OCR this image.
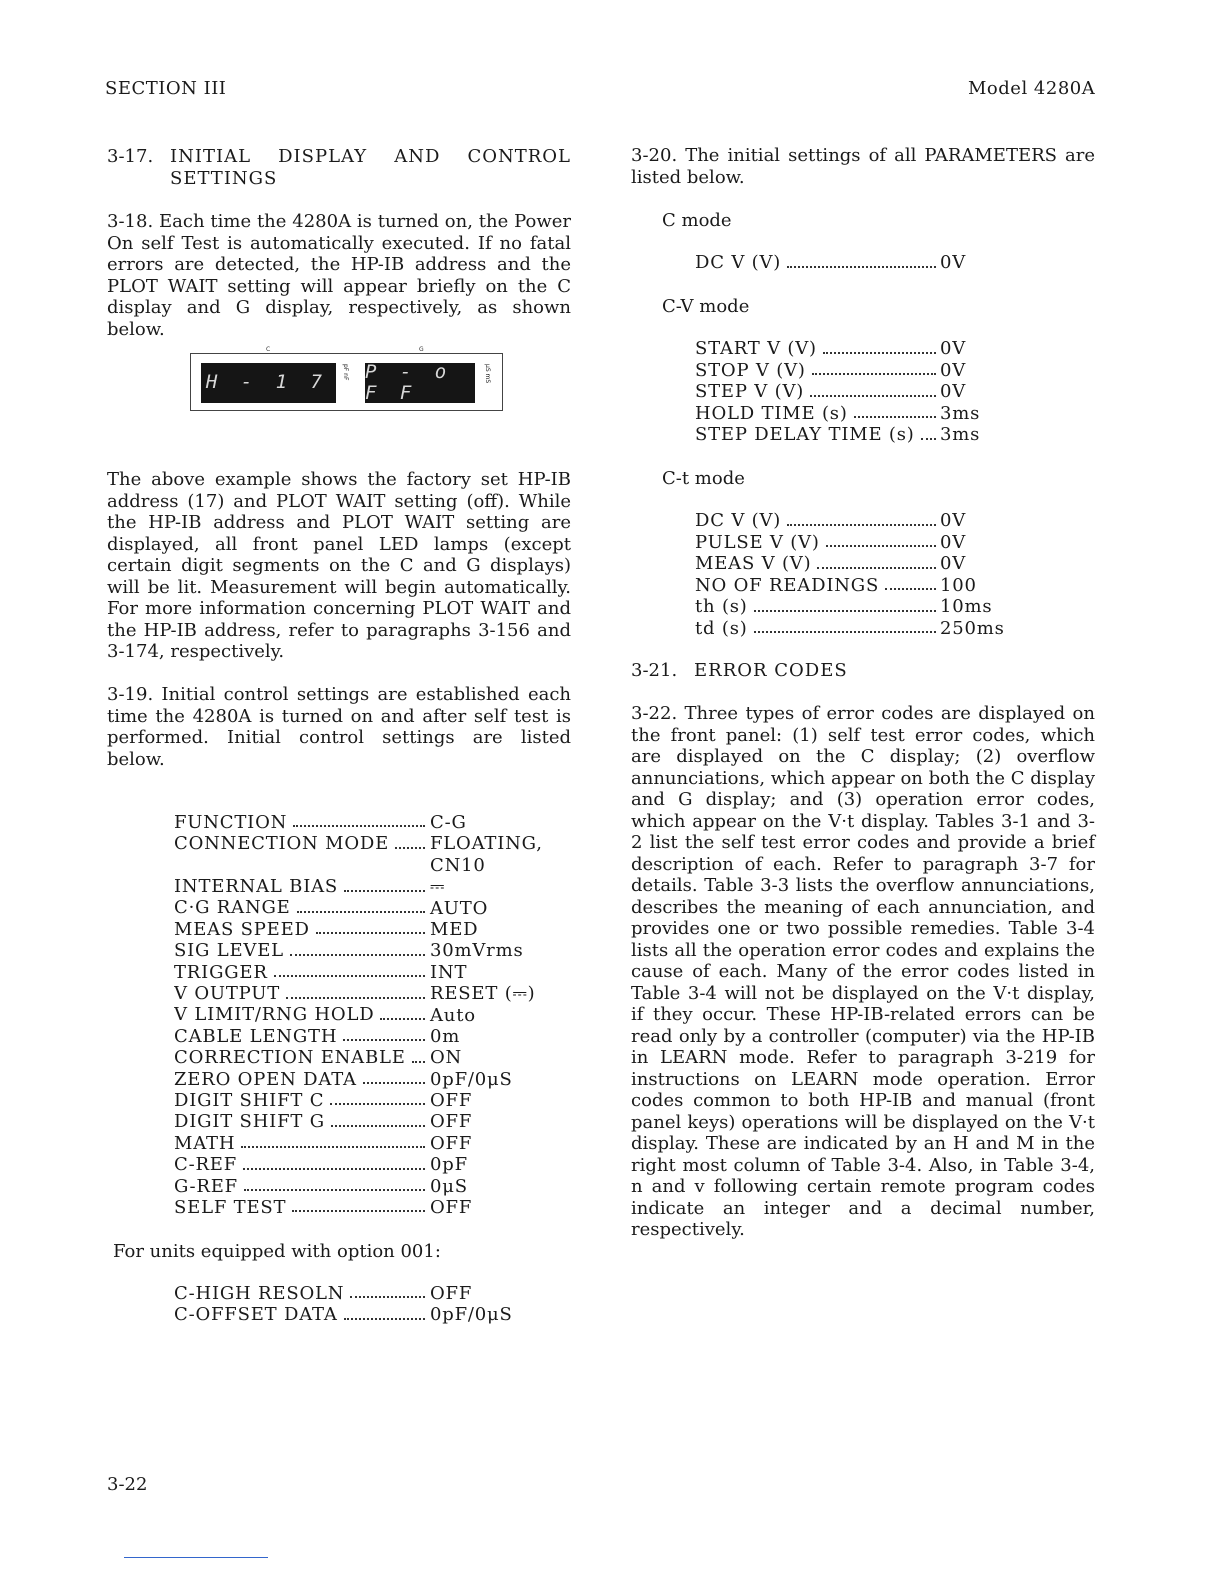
SECTION III	Model 4280A
3-17. INITIAL DISPLAY AND CONTROL SETTINGS

3-18. Each time the 4280A is turned on, the Power On self Test is automatically executed. If no fatal errors are detected, the HP-IB address and the PLOT WAIT setting will appear briefly on the C display and G display, respectively, as shown below.

C	G
H - 1 7	pF nF P - o F F
μS mS

The above example shows the factory set HP-IB address (17) and PLOT WAIT setting (off). While the HP-IB address and PLOT WAIT setting are displayed, all front panel LED lamps (except certain digit segments on the C and G displays) will be lit. Measurement will begin automatically. For more information concerning PLOT WAIT and the HP-IB address, refer to paragraphs 3-156 and 3-174, respectively.

3-19. Initial control settings are established each time the 4280A is turned on and after self test is performed. Initial control settings are listed below.

FUNCTION	C-G
CONNECTION MODE FLOATING,
CN10
INTERNAL BIAS	⎓
C·G RANGE	AUTO
MEAS SPEED	MED
SIG LEVEL	30mVrms
TRIGGER	INT
V OUTPUT	RESET (⎓)
V LIMIT/RNG HOLD	Auto
CABLE LENGTH	0m
CORRECTION ENABLE ON
ZERO OPEN DATA	0pF/0μS
DIGIT SHIFT C	OFF
DIGIT SHIFT G	OFF
MATH	OFF
C-REF	0pF
G-REF	0μS
SELF TEST	OFF

For units equipped with option 001:

C-HIGH RESOLN	OFF
C-OFFSET DATA	0pF/0μS

3-20. The initial settings of all PARAMETERS are listed below.

C mode
DC V (V)	0V
C-V mode
START V (V)	0V
STOP V (V)	0V
STEP V (V)	0V
HOLD TIME (s)	3ms
STEP DELAY TIME (s) 3ms
C-t mode
DC V (V)	0V
PULSE V (V)	0V
MEAS V (V)	0V
NO OF READINGS	100
th (s)	10ms
td (s)	250ms
3-21. ERROR CODES

3-22. Three types of error codes are displayed on the front panel: (1) self test error codes, which are displayed on the C display; (2) overflow annunciations, which appear on both the C display and G display; and (3) operation error codes, which appear on the V·t display. Tables 3-1 and 3-2 list the self test error codes and provide a brief description of each. Refer to paragraph 3-7 for details. Table 3-3 lists the overflow annunciations, describes the meaning of each annunciation, and provides one or two possible remedies. Table 3-4 lists all the operation error codes and explains the cause of each. Many of the error codes listed in Table 3-4 will not be displayed on the V·t display, if they occur. These HP-IB-related errors can be read only by a controller (computer) via the HP-IB in LEARN mode. Refer to paragraph 3-219 for instructions on LEARN mode operation. Error codes common to both HP-IB and manual (front panel keys) operations will be displayed on the V·t display. These are indicated by an H and M in the right most column of Table 3-4. Also, in Table 3-4, n and v following certain remote program codes indicate an integer and a decimal number, respectively.

3-22
